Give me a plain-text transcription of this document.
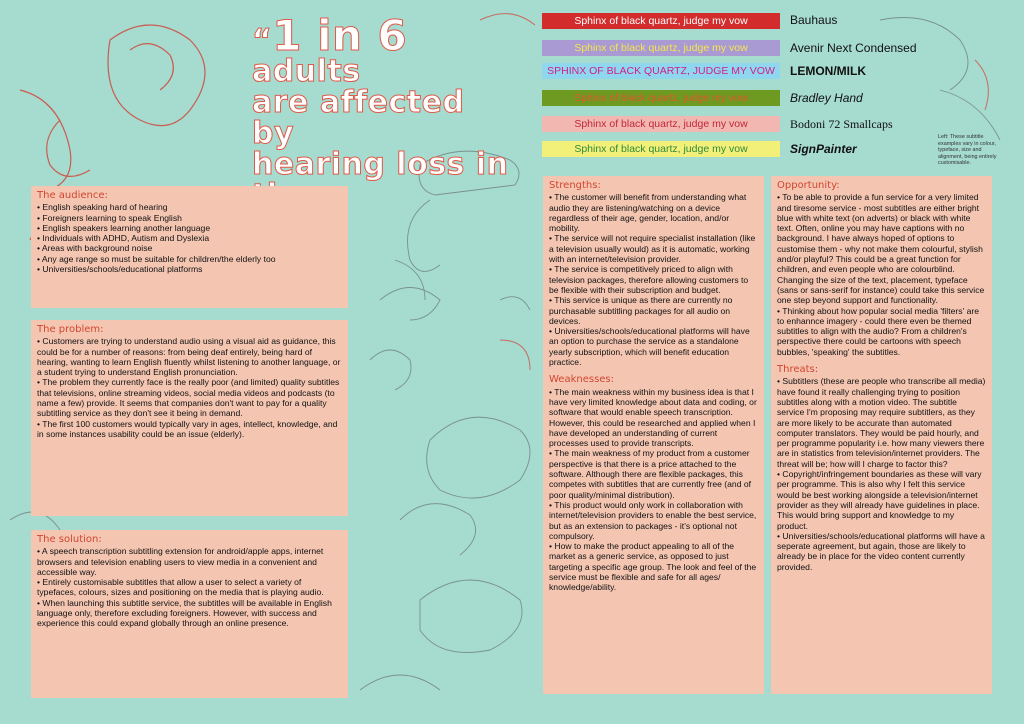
“1 in 6 adults
are affected by
hearing loss in

Sphinx of black quartz, judge my vow
Sphinx of black quartz, judge my vow
SPHINX OF BLACK QUARTZ, JUDGE MY VOW
Sphinx of black quartz, judge my vow
Sphinx of black quartz, judge my vow
Sphinx of black quartz, judge my vow
Bauhaus
Avenir Next Condensed
LEMON/MILK
Bradley Hand
Bodoni 72 Smallcaps
SignPainter
Left: These subtitle examples vary in colour, typeface, size and alignment, being entirely customisable.
The audience:
• English speaking hard of hearing
• Foreigners learning to speak English
• English speakers learning another language
• Individuals with ADHD, Autism and Dyslexia
• Areas with background noise
• Any age range so must be suitable for children/the elderly too
• Universities/schools/educational platforms
The problem:
• Customers are trying to understand audio using a visual aid as guidance, this could be for a number of reasons: from being deaf entirely, being hard of hearing, wanting to learn English fluently whilst listening to another language, or a student trying to understand English pronunciation.
• The problem they currently face is the really poor (and limited) quality subtitles that televisions, online streaming videos, social media videos and podcasts (to name a few) provide. It seems that companies don't want to pay for a quality subtitling service as they don't see it being in demand.
• The first 100 customers would typically vary in ages, intellect, knowledge, and in some instances usability could be an issue (elderly).
The solution:
• A speech transcription subtitling extension for android/apple apps, internet browsers and television enabling users to view media in a convenient and accessible way.
• Entirely customisable subtitles that allow a user to select a variety of typefaces, colours, sizes and positioning on the media that is playing audio.
• When launching this subtitle service, the subtitles will be available in English language only, therefore excluding foreigners. However, with success and experience this could expand globally through an online presence.
Strengths:
• The customer will benefit from understanding what audio they are listening/watching on a device regardless of their age, gender, location, and/or mobility.
• The service will not require specialist installation (like a television usually would) as it is automatic, working with an internet/television provider.
• The service is competitively priced to align with television packages, therefore allowing customers to be flexible with their subscription and budget.
• This service is unique as there are currently no purchasable subtitling packages for all audio on devices.
• Universities/schools/educational platforms will have an option to purchase the service as a standalone yearly subscription, which will benefit education practice.
Weaknesses:
• The main weakness within my business idea is that I have very limited knowledge about data and coding, or software that would enable speech transcription. However, this could be researched and applied when I have developed an understanding of current processes used to provide transcripts.
• The main weakness of my product from a customer perspective is that there is a price attached to the software. Although there are flexible packages, this competes with subtitles that are currently free (and of poor quality/minimal distribution).
• This product would only work in collaboration with internet/television providers to enable the best service, but as an extension to packages - it's optional not compulsory.
• How to make the product appealing to all of the market as a generic service, as opposed to just targeting a specific age group. The look and feel of the service must be flexible and safe for all ages/ knowledge/ability.
Opportunity:
• To be able to provide a fun service for a very limited and tiresome service - most subtitles are either bright blue with white text (on adverts) or black with white text. Often, online you may have captions with no background. I have always hoped of options to customise them - why not make them colourful, stylish and/or playful? This could be a great function for children, and even people who are colourblind. Changing the size of the text, placement, typeface (sans or sans-serif for instance) could take this service one step beyond support and functionality.
• Thinking about how popular social media 'filters' are to enhannce imagery - could there even be themed subtitles to align with the audio? From a children's perspective there could be cartoons with speech bubbles, 'speaking' the subtitles.
Threats:
• Subtitlers (these are people who transcribe all media) have found it really challenging trying to position subtitles along with a motion video. The subtitle service I'm proposing may require subtitlers, as they are more likely to be accurate than automated computer translators. They would be paid hourly, and per programme popularity i.e. how many viewers there are in statistics from television/internet providers. The threat will be; how will I charge to factor this?
• Copyright/infringement boundaries as these will vary per programme. This is also why I felt this service would be best working alongside a television/internet provider as they will already have guidelines in place. This would bring support and knowledge to my product.
• Universities/schools/educational platforms will have a seperate agreement, but again, those are likely to already be in place for the video content currently provided.
